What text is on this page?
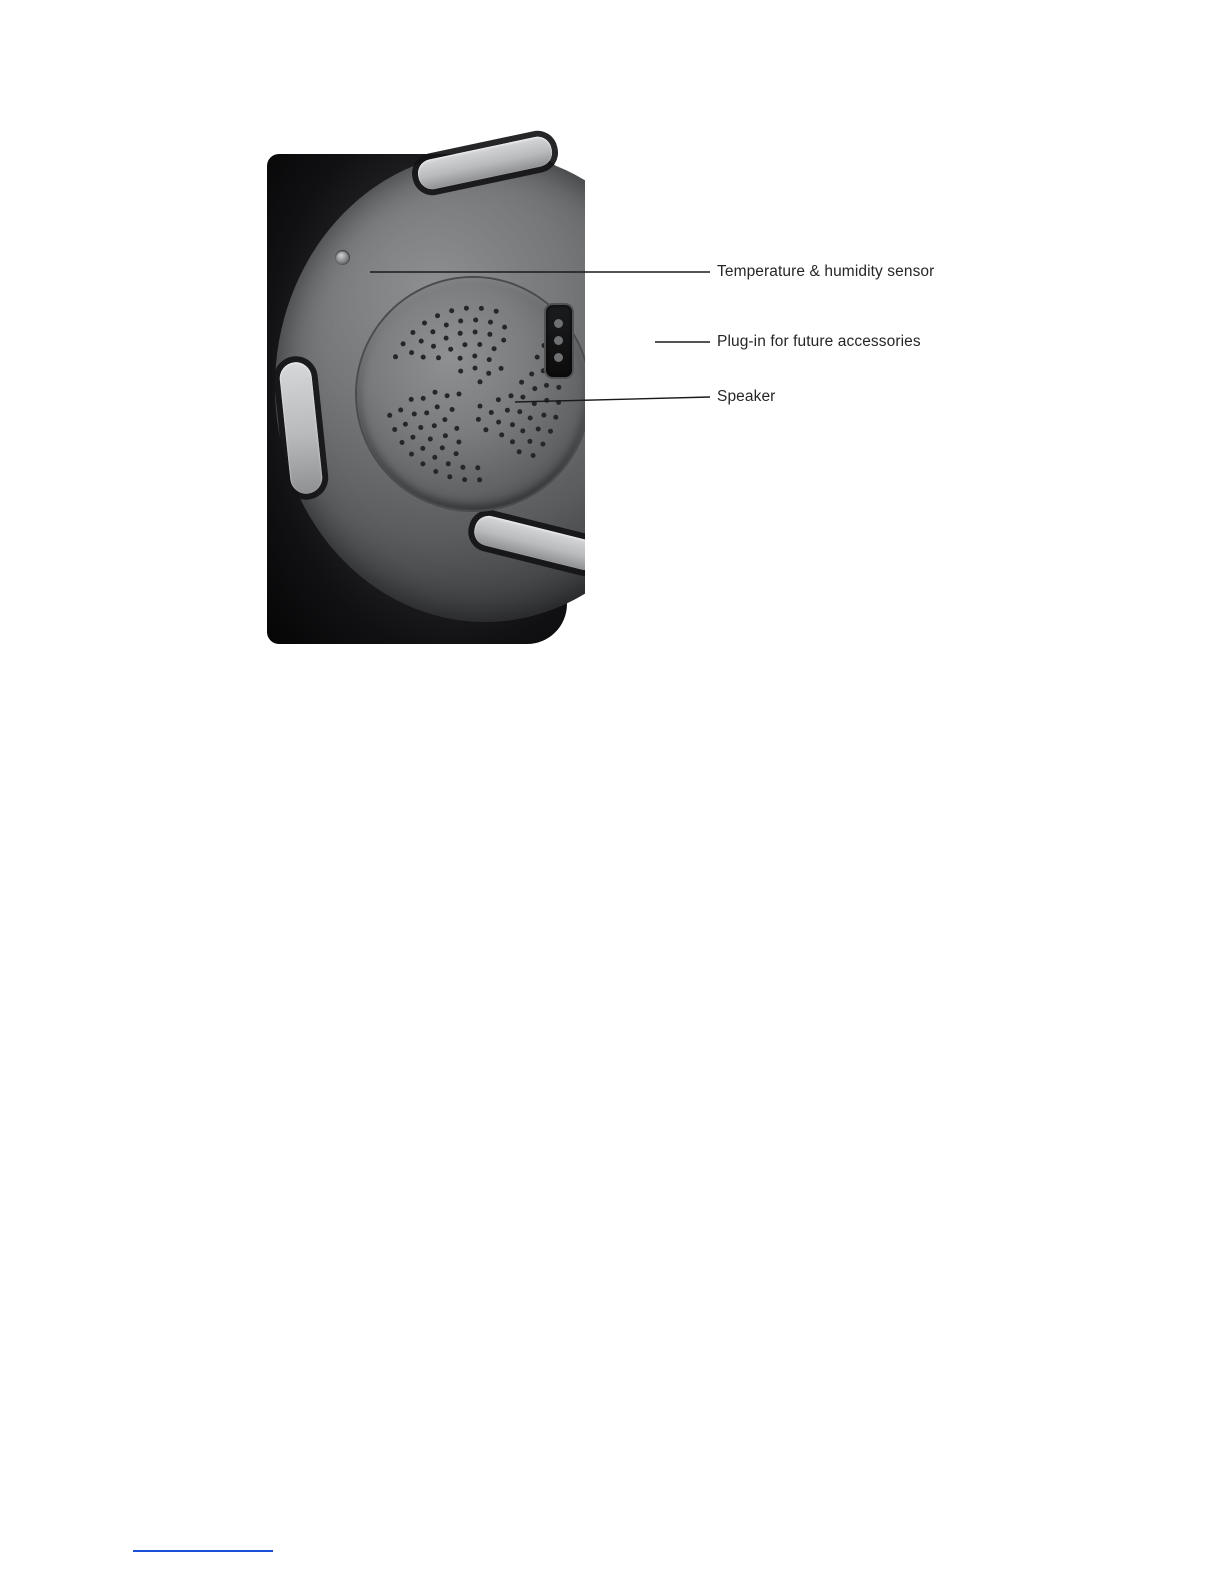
Temperature & humidity sensor
Plug-in for future accessories
Speaker
